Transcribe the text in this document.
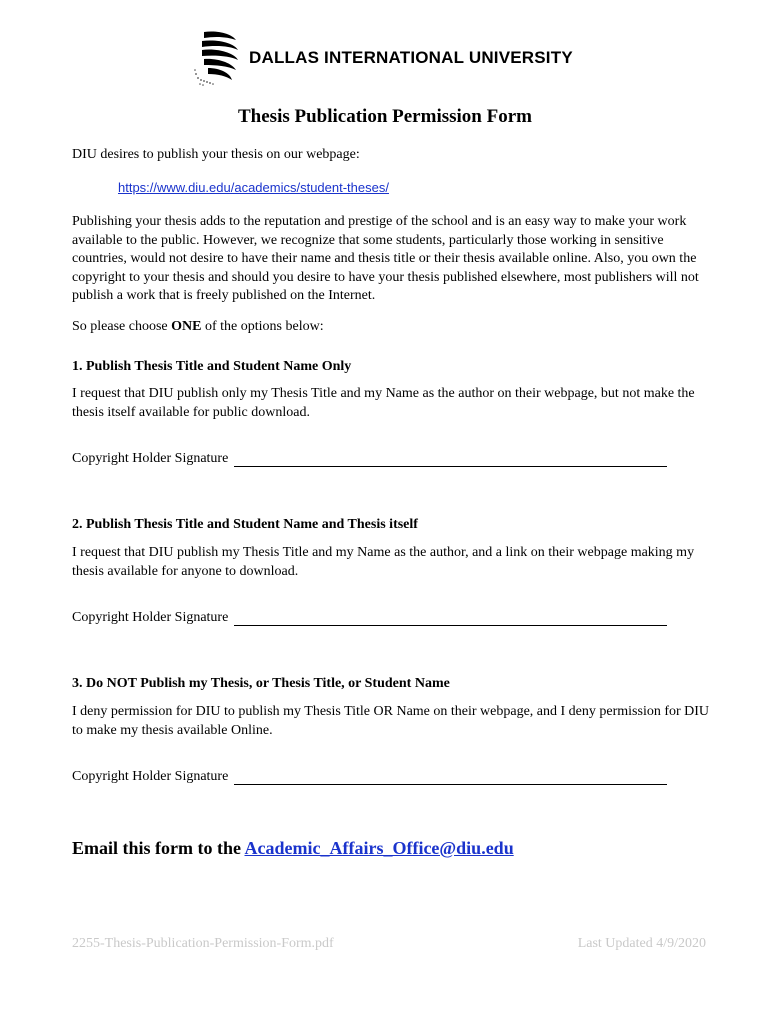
DALLAS INTERNATIONAL UNIVERSITY
Thesis Publication Permission Form
DIU desires to publish your thesis on our webpage:
https://www.diu.edu/academics/student-theses/
Publishing your thesis adds to the reputation and prestige of the school and is an easy way to make your work available to the public. However, we recognize that some students, particularly those working in sensitive countries, would not desire to have their name and thesis title or their thesis available online. Also, you own the copyright to your thesis and should you desire to have your thesis published elsewhere, most publishers will not publish a work that is freely published on the Internet.
So please choose ONE of the options below:
1. Publish Thesis Title and Student Name Only
I request that DIU publish only my Thesis Title and my Name as the author on their webpage, but not make the thesis itself available for public download.
Copyright Holder Signature
2. Publish Thesis Title and Student Name and Thesis itself
I request that DIU publish my Thesis Title and my Name as the author, and a link on their webpage making my thesis available for anyone to download.
Copyright Holder Signature
3. Do NOT Publish my Thesis, or Thesis Title, or Student Name
I deny permission for DIU to publish my Thesis Title OR Name on their webpage, and I deny permission for DIU to make my thesis available Online.
Copyright Holder Signature
Email this form to the Academic_Affairs_Office@diu.edu
2255-Thesis-Publication-Permission-Form.pdf	Last Updated 4/9/2020
